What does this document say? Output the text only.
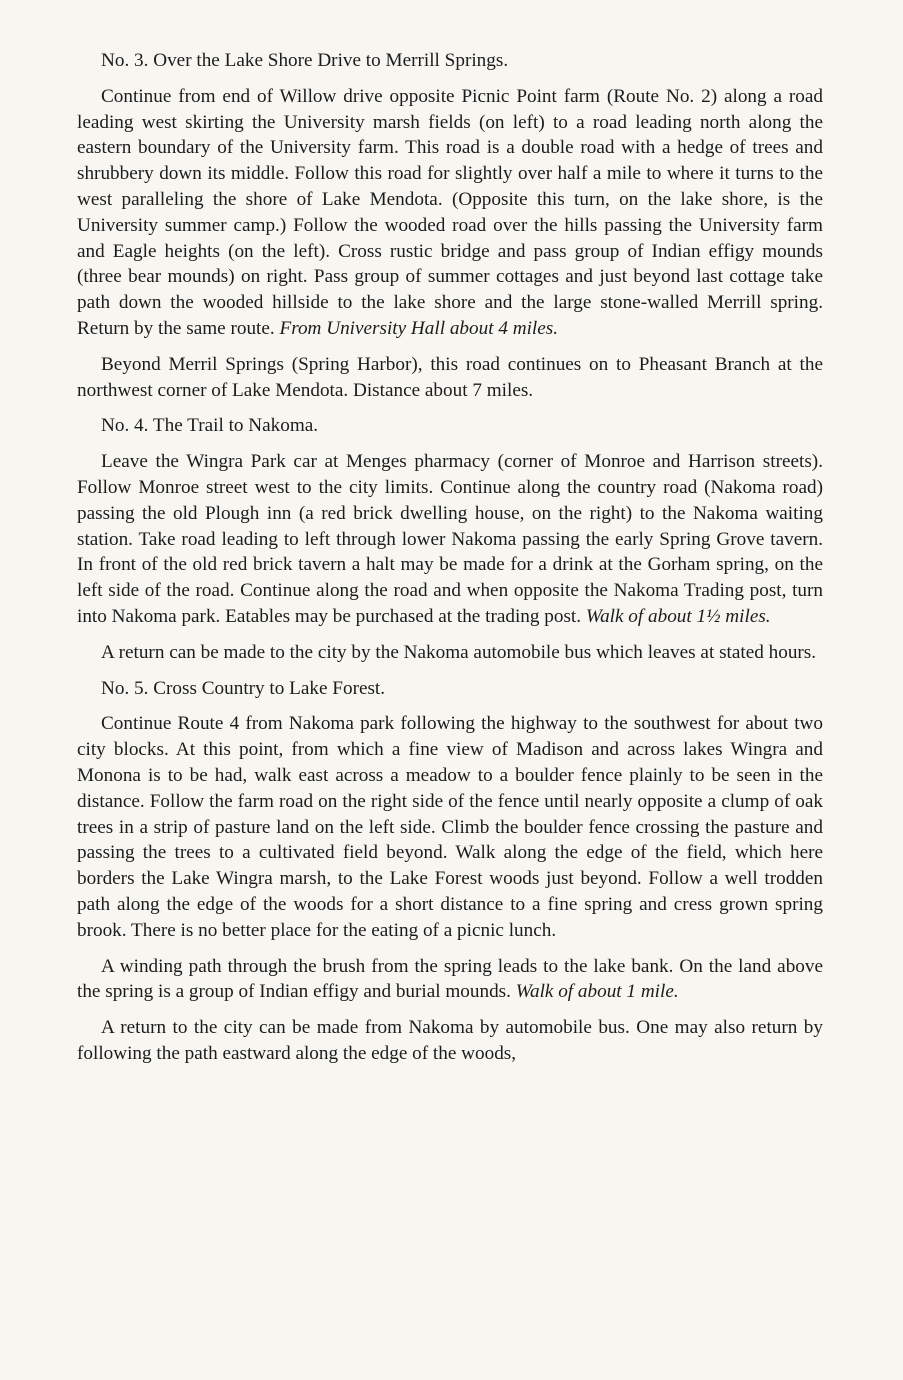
No. 3. Over the Lake Shore Drive to Merrill Springs.

Continue from end of Willow drive opposite Picnic Point farm (Route No. 2) along a road leading west skirting the University marsh fields (on left) to a road leading north along the eastern boundary of the University farm. This road is a double road with a hedge of trees and shrubbery down its middle. Follow this road for slightly over half a mile to where it turns to the west paralleling the shore of Lake Mendota. (Opposite this turn, on the lake shore, is the University summer camp.) Follow the wooded road over the hills passing the University farm and Eagle heights (on the left). Cross rustic bridge and pass group of Indian effigy mounds (three bear mounds) on right. Pass group of summer cottages and just beyond last cottage take path down the wooded hillside to the lake shore and the large stone-walled Merrill spring. Return by the same route. From University Hall about 4 miles.

Beyond Merril Springs (Spring Harbor), this road continues on to Pheasant Branch at the northwest corner of Lake Mendota. Distance about 7 miles.

No. 4. The Trail to Nakoma.

Leave the Wingra Park car at Menges pharmacy (corner of Monroe and Harrison streets). Follow Monroe street west to the city limits. Continue along the country road (Nakoma road) passing the old Plough inn (a red brick dwelling house, on the right) to the Nakoma waiting station. Take road leading to left through lower Nakoma passing the early Spring Grove tavern. In front of the old red brick tavern a halt may be made for a drink at the Gorham spring, on the left side of the road. Continue along the road and when opposite the Nakoma Trading post, turn into Nakoma park. Eatables may be purchased at the trading post. Walk of about 1½ miles.

A return can be made to the city by the Nakoma automobile bus which leaves at stated hours.

No. 5. Cross Country to Lake Forest.

Continue Route 4 from Nakoma park following the highway to the southwest for about two city blocks. At this point, from which a fine view of Madison and across lakes Wingra and Monona is to be had, walk east across a meadow to a boulder fence plainly to be seen in the distance. Follow the farm road on the right side of the fence until nearly opposite a clump of oak trees in a strip of pasture land on the left side. Climb the boulder fence crossing the pasture and passing the trees to a cultivated field beyond. Walk along the edge of the field, which here borders the Lake Wingra marsh, to the Lake Forest woods just beyond. Follow a well trodden path along the edge of the woods for a short distance to a fine spring and cress grown spring brook. There is no better place for the eating of a picnic lunch.

A winding path through the brush from the spring leads to the lake bank. On the land above the spring is a group of Indian effigy and burial mounds. Walk of about 1 mile.

A return to the city can be made from Nakoma by automobile bus. One may also return by following the path eastward along the edge of the woods,
